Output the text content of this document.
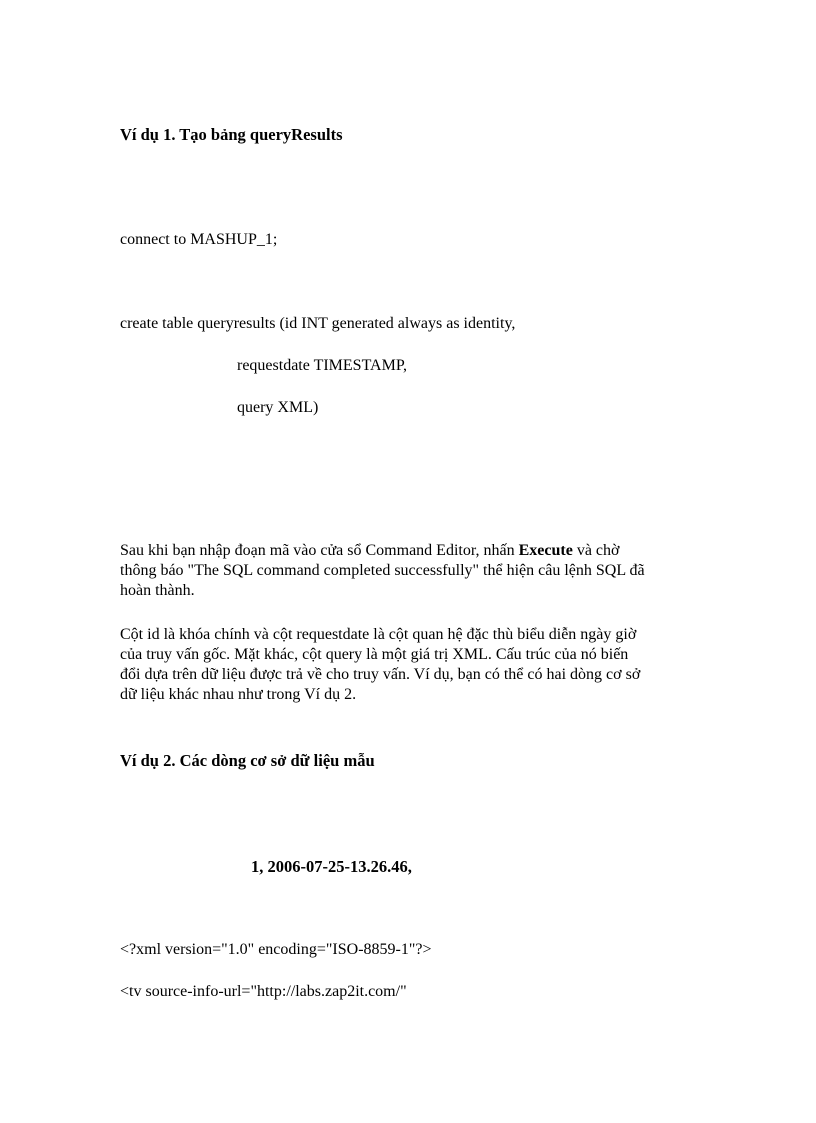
Ví dụ 1. Tạo bảng queryResults

connect to MASHUP_1;

create table queryresults (id INT generated always as identity,

requestdate TIMESTAMP,

query XML)

Sau khi bạn nhập đoạn mã vào cửa sổ Command Editor, nhấn Execute và chờ

thông báo "The SQL command completed successfully" thể hiện câu lệnh SQL đã

hoàn thành.

Cột id là khóa chính và cột requestdate là cột quan hệ đặc thù biểu diễn ngày giờ

của truy vấn gốc. Mặt khác, cột query là một giá trị XML. Cấu trúc của nó biến

đổi dựa trên dữ liệu được trả về cho truy vấn. Ví dụ, bạn có thể có hai dòng cơ sở

dữ liệu khác nhau như trong Ví dụ 2.

Ví dụ 2. Các dòng cơ sở dữ liệu mẫu

1, 2006-07-25-13.26.46,

<?xml version="1.0" encoding="ISO-8859-1"?>

<tv source-info-url="http://labs.zap2it.com/"
